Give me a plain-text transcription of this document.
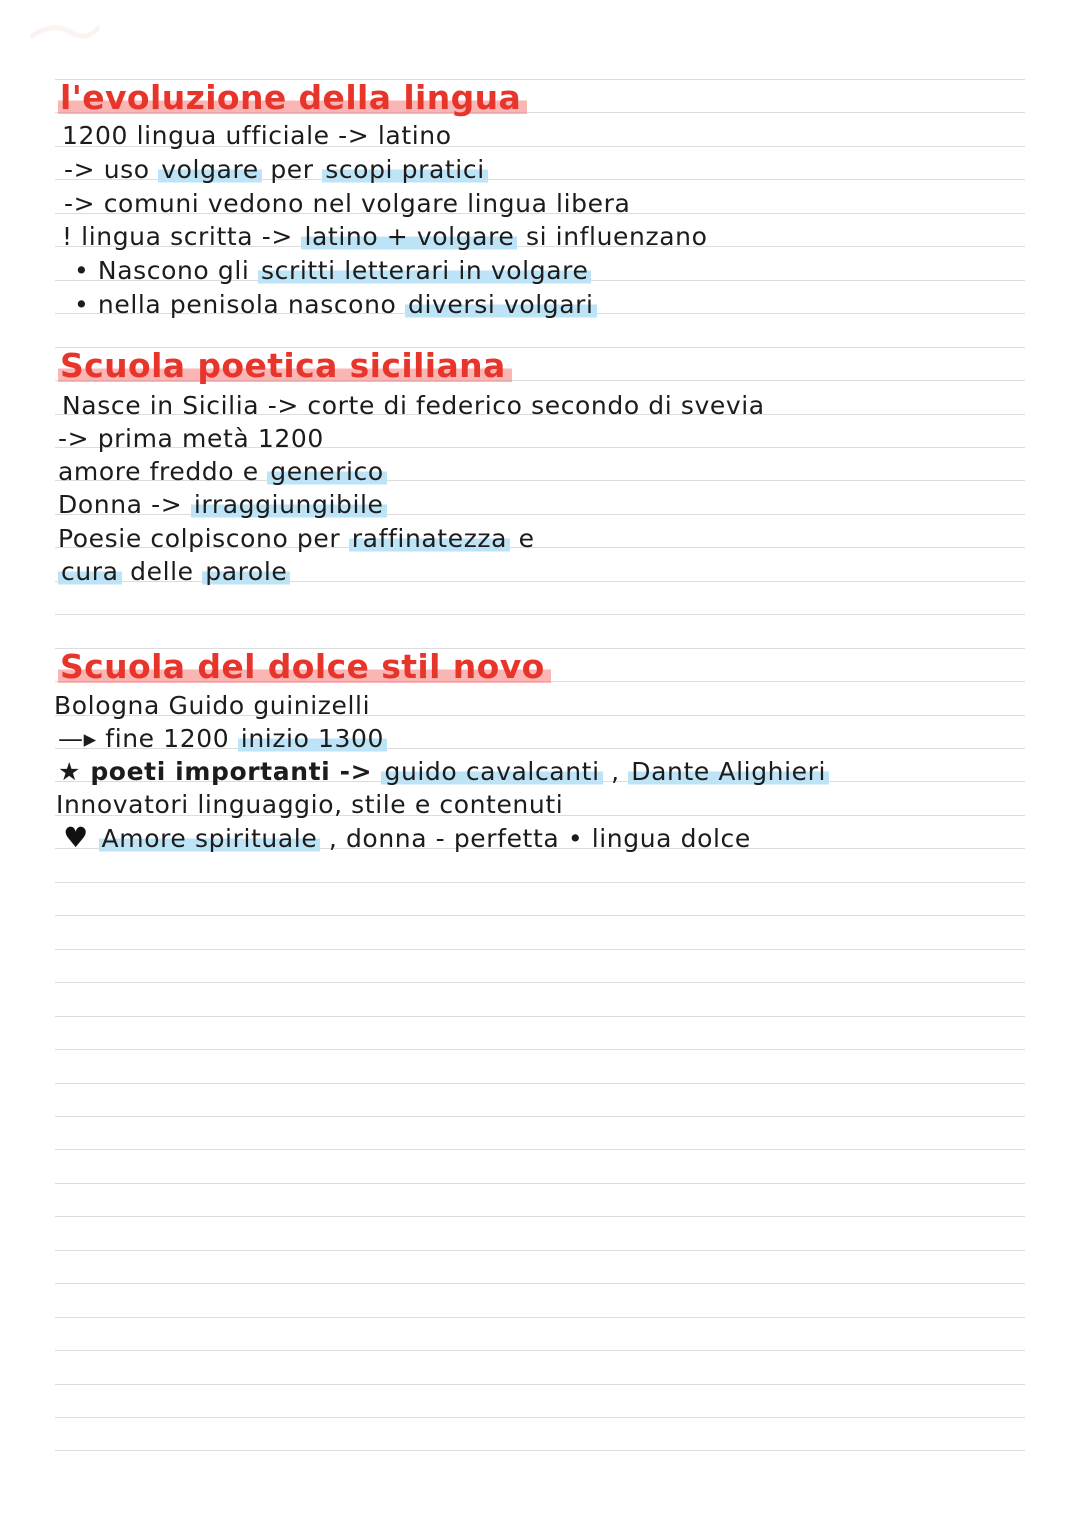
l'evoluzione della lingua
1200 lingua ufficiale -> latino
-> uso volgare per scopi pratici
-> comuni vedono nel volgare lingua libera
! lingua scritta -> latino + volgare si influenzano
• Nascono gli scritti letterari in volgare
• nella penisola nascono diversi volgari
Scuola poetica siciliana
Nasce in Sicilia -> corte di federico secondo di svevia
-> prima metà 1200
amore freddo e generico
Donna -> irraggiungibile
Poesie colpiscono per raffinatezza e
cura delle parole
Scuola del dolce stil novo
Bologna Guido guinizelli
—▸ fine 1200 inizio 1300
★ poeti importanti -> guido cavalcanti , Dante Alighieri
Innovatori linguaggio, stile e contenuti
♥ Amore spirituale , donna - perfetta • lingua dolce
